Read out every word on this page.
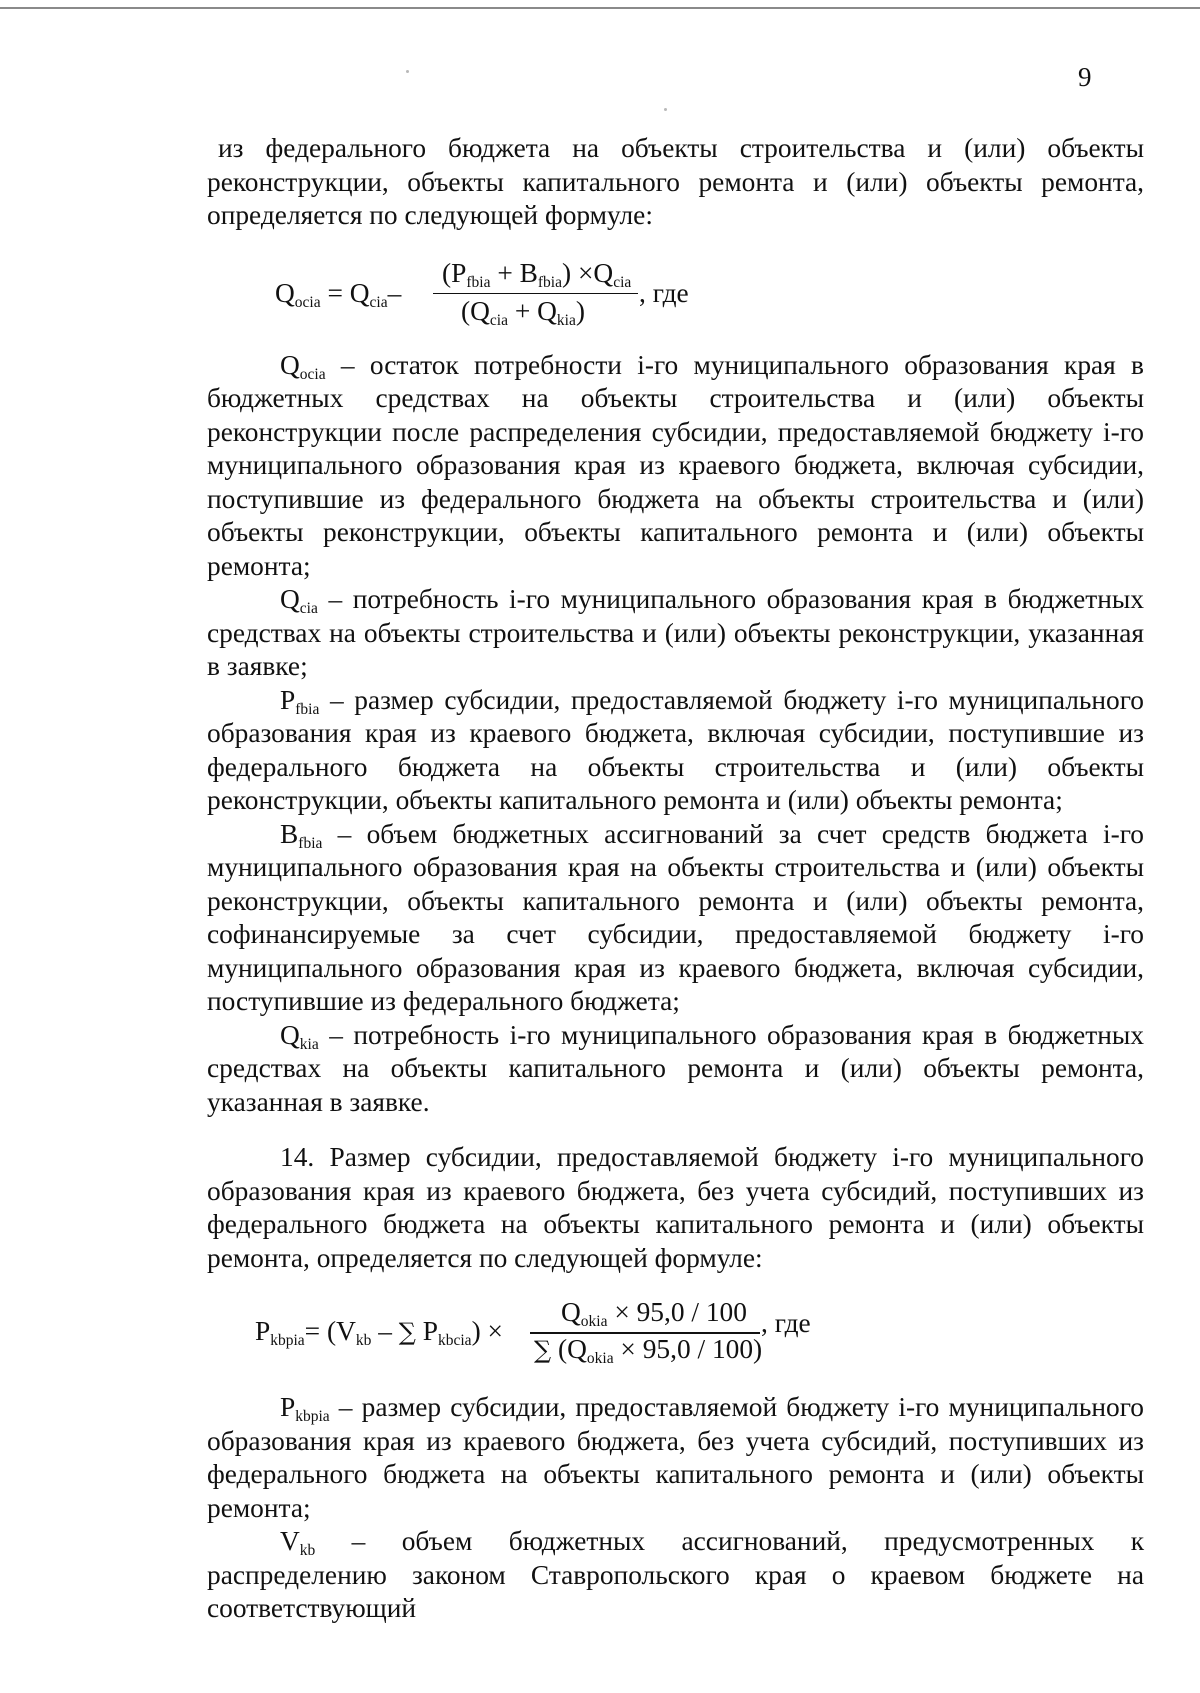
9

из федерального бюджета на объекты строительства и (или) объекты реконструкции, объекты капитального ремонта и (или) объекты ремонта, определяется по следующей формуле:

$Q_{ocia} = Q_{cia}-$
$(P_{fbia} + B_{fbia}) \times Q_{cia}$
$(Q_{cia} + Q_{kia})$
, где

$Q_{ocia}$ – остаток потребности i-го муниципального образования края в бюджетных средствах на объекты строительства и (или) объекты реконструкции после распределения субсидии, предоставляемой бюджету i-го муниципального образования края из краевого бюджета, включая субсидии, поступившие из федерального бюджета на объекты строительства и (или) объекты реконструкции, объекты капитального ремонта и (или) объекты ремонта;

$Q_{cia}$ – потребность i-го муниципального образования края в бюджетных средствах на объекты строительства и (или) объекты реконструкции, указанная в заявке;

$P_{fbia}$ – размер субсидии, предоставляемой бюджету i-го муниципального образования края из краевого бюджета, включая субсидии, поступившие из федерального бюджета на объекты строительства и (или) объекты реконструкции, объекты капитального ремонта и (или) объекты ремонта;

$B_{fbia}$ – объем бюджетных ассигнований за счет средств бюджета i-го муниципального образования края на объекты строительства и (или) объекты реконструкции, объекты капитального ремонта и (или) объекты ремонта, софинансируемые за счет субсидии, предоставляемой бюджету i-го муниципального образования края из краевого бюджета, включая субсидии, поступившие из федерального бюджета;

$Q_{kia}$ – потребность i-го муниципального образования края в бюджетных средствах на объекты капитального ремонта и (или) объекты ремонта, указанная в заявке.

14. Размер субсидии, предоставляемой бюджету i-го муниципального образования края из краевого бюджета, без учета субсидий, поступивших из федерального бюджета на объекты капитального ремонта и (или) объекты ремонта, определяется по следующей формуле:

$P_{kbpia}= (V_{kb}$ – ∑ $P_{kbcia}$) ×
$Q_{okia} \times 95,0 / 100$
∑ $(Q_{okia} \times 95,0 / 100)$
, где

$P_{kbpia}$ – размер субсидии, предоставляемой бюджету i-го муниципального образования края из краевого бюджета, без учета субсидий, поступивших из федерального бюджета на объекты капитального ремонта и (или) объекты ремонта;

$V_{kb}$ – объем бюджетных ассигнований, предусмотренных к распределению законом Ставропольского края о краевом бюджете на соответствующий
